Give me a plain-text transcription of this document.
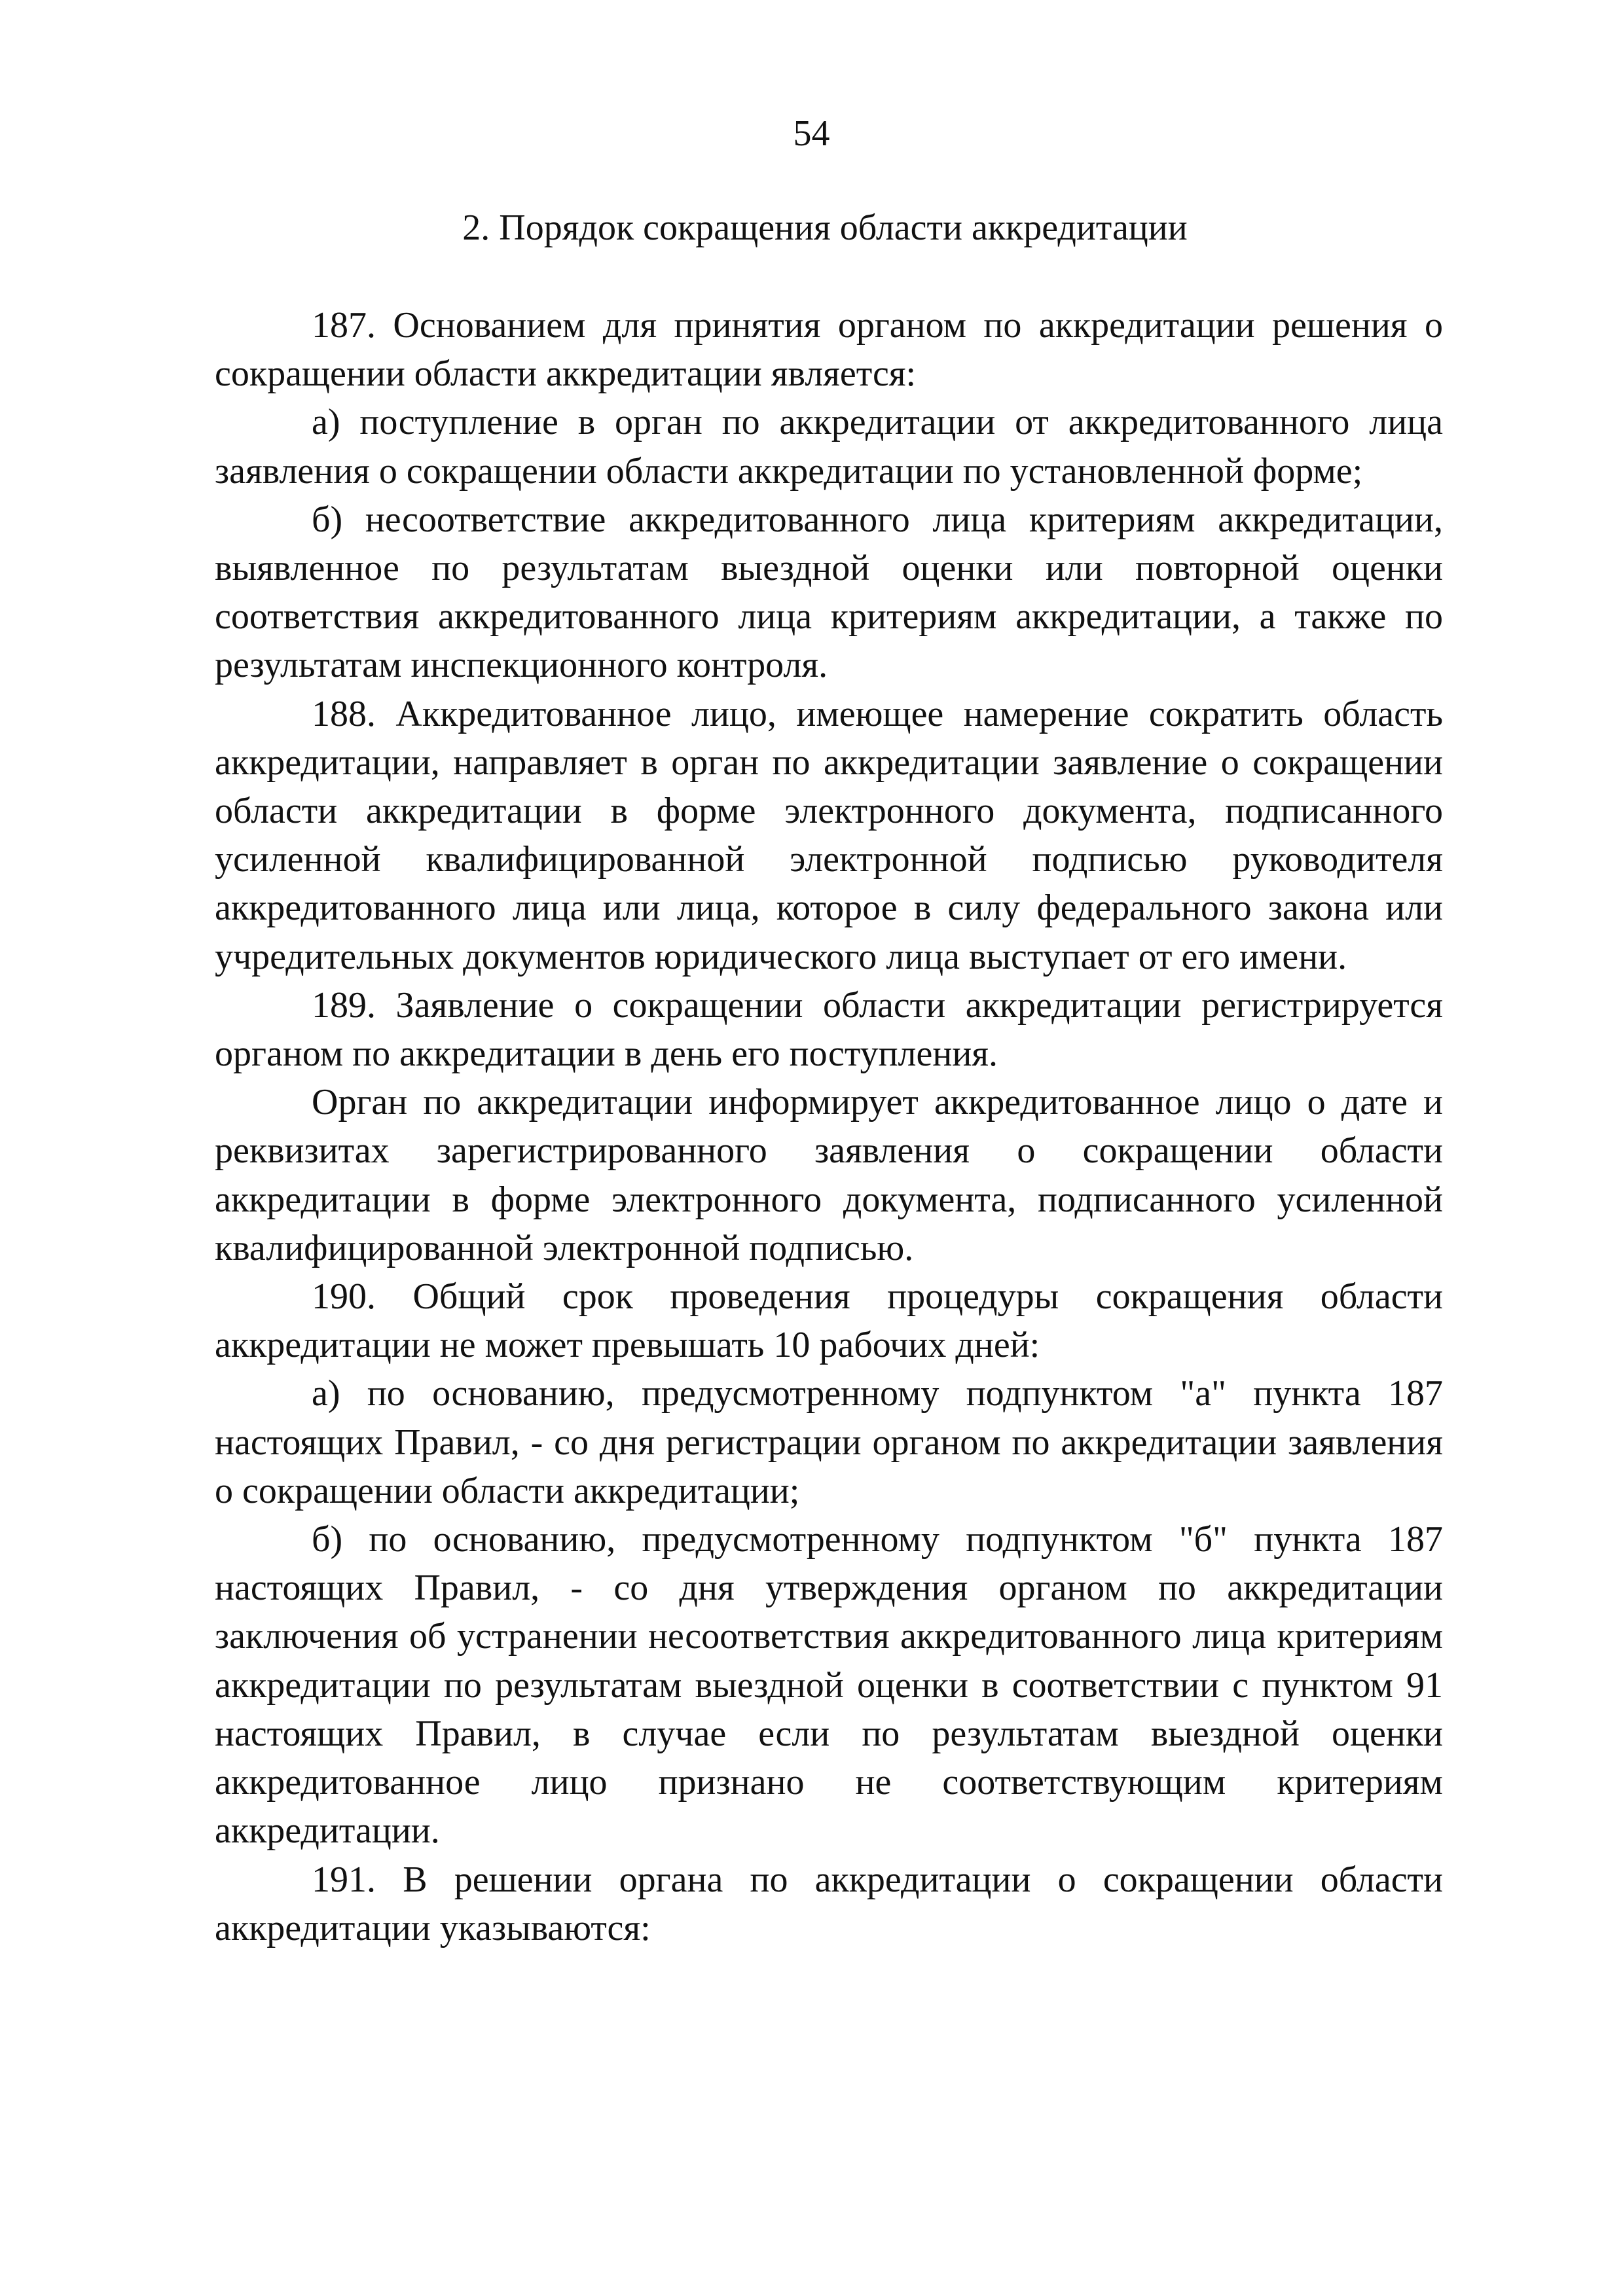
54
2. Порядок сокращения области аккредитации

187. Основанием для принятия органом по аккредитации решения о сокращении области аккредитации является:

а) поступление в орган по аккредитации от аккредитованного лица заявления о сокращении области аккредитации по установленной форме;

б) несоответствие аккредитованного лица критериям аккредитации, выявленное по результатам выездной оценки или повторной оценки соответствия аккредитованного лица критериям аккредитации, а также по результатам инспекционного контроля.

188. Аккредитованное лицо, имеющее намерение сократить область аккредитации, направляет в орган по аккредитации заявление о сокращении области аккредитации в форме электронного документа, подписанного усиленной квалифицированной электронной подписью руководителя аккредитованного лица или лица, которое в силу федерального закона или учредительных документов юридического лица выступает от его имени.

189. Заявление о сокращении области аккредитации регистрируется органом по аккредитации в день его поступления.

Орган по аккредитации информирует аккредитованное лицо о дате и реквизитах зарегистрированного заявления о сокращении области аккредитации в форме электронного документа, подписанного усиленной квалифицированной электронной подписью.

190. Общий срок проведения процедуры сокращения области аккредитации не может превышать 10 рабочих дней:

а) по основанию, предусмотренному подпунктом "а" пункта 187 настоящих Правил, - со дня регистрации органом по аккредитации заявления о сокращении области аккредитации;

б) по основанию, предусмотренному подпунктом "б" пункта 187 настоящих Правил, - со дня утверждения органом по аккредитации заключения об устранении несоответствия аккредитованного лица критериям аккредитации по результатам выездной оценки в соответствии с пунктом 91 настоящих Правил, в случае если по результатам выездной оценки аккредитованное лицо признано не соответствующим критериям аккредитации.

191. В решении органа по аккредитации о сокращении области аккредитации указываются:
